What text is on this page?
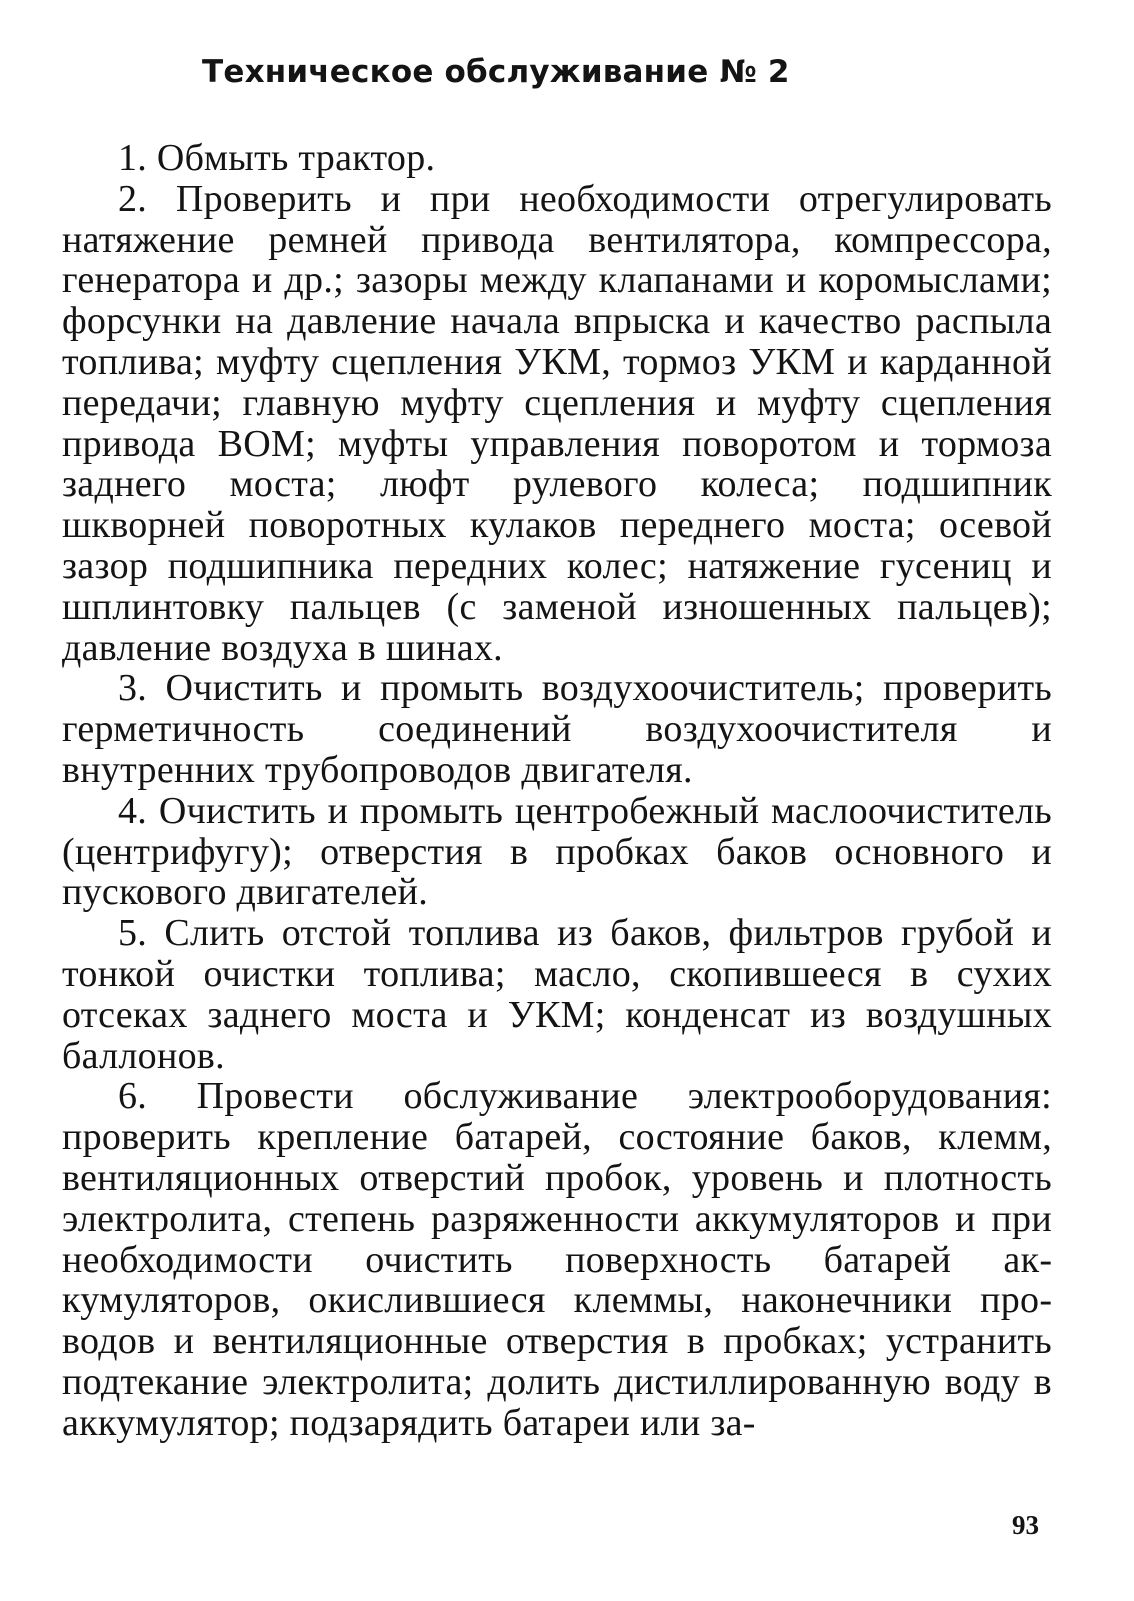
Техническое обслуживание № 2

1. Обмыть трактор.

2. Проверить и при необходимости отрегулировать натяжение ремней привода вентилятора, компрессора, генератора и др.; зазоры между клапанами и коромыслами; форсунки на давление начала впрыска и качество распыла топлива; муфту сцепления УКМ, тормоз УКМ и карданной передачи; главную муфту сцепления и муфту сцепления привода ВОМ; муфты управления поворотом и тормоза заднего моста; люфт рулевого колеса; подшипник шкворней поворотных кулаков переднего моста; осевой зазор подшипника передних колес; натяжение гусениц и шплинтовку пальцев (с заменой изношенных пальцев); давление воздуха в шинах.

3. Очистить и промыть воздухоочиститель; проверить герметичность соединений воздухоочистителя и внутренних трубопроводов двигателя.

4. Очистить и промыть центробежный маслоочиститель (центрифугу); отверстия в пробках баков основного и пускового двигателей.

5. Слить отстой топлива из баков, фильтров грубой и тонкой очистки топлива; масло, скопившееся в сухих отсеках заднего моста и УКМ; конденсат из воздушных баллонов.

6. Провести обслуживание электрооборудования: проверить крепление батарей, состояние баков, клемм, вентиляционных отверстий пробок, уровень и плотность электролита, степень разряженности аккумуляторов и при необходимости очистить поверхность батарей аккумуляторов, окислившиеся клеммы, наконечники проводов и вентиляционные отверстия в пробках; устранить подтекание электролита; долить дистиллированную воду в аккумулятор; подзарядить батареи или за-

93
